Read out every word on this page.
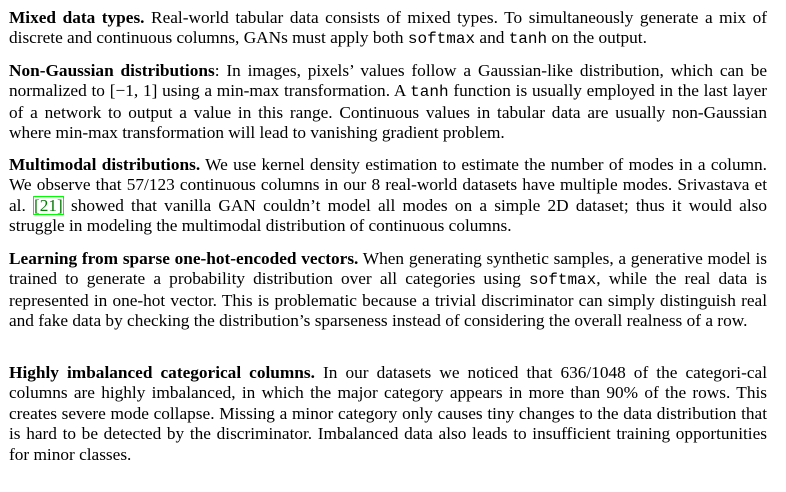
Mixed data types. Real-world tabular data consists of mixed types. To simultaneously generate a mix of discrete and continuous columns, GANs must apply both softmax and tanh on the output.

Non-Gaussian distributions: In images, pixels’ values follow a Gaussian-like distribution, which can be normalized to [−1, 1] using a min-max transformation. A tanh function is usually employed in the last layer of a network to output a value in this range. Continuous values in tabular data are usually non-Gaussian where min-max transformation will lead to vanishing gradient problem.

Multimodal distributions. We use kernel density estimation to estimate the number of modes in a column. We observe that 57/123 continuous columns in our 8 real-world datasets have multiple modes. Srivastava et al. [21] showed that vanilla GAN couldn’t model all modes on a simple 2D dataset; thus it would also struggle in modeling the multimodal distribution of continuous columns.

Learning from sparse one-hot-encoded vectors. When generating synthetic samples, a generative model is trained to generate a probability distribution over all categories using softmax, while the real data is represented in one-hot vector. This is problematic because a trivial discriminator can simply distinguish real and fake data by checking the distribution’s sparseness instead of considering the overall realness of a row.

Highly imbalanced categorical columns. In our datasets we noticed that 636/1048 of the categori-cal columns are highly imbalanced, in which the major category appears in more than 90% of the rows. This creates severe mode collapse. Missing a minor category only causes tiny changes to the data distribution that is hard to be detected by the discriminator. Imbalanced data also leads to insufficient training opportunities for minor classes.
